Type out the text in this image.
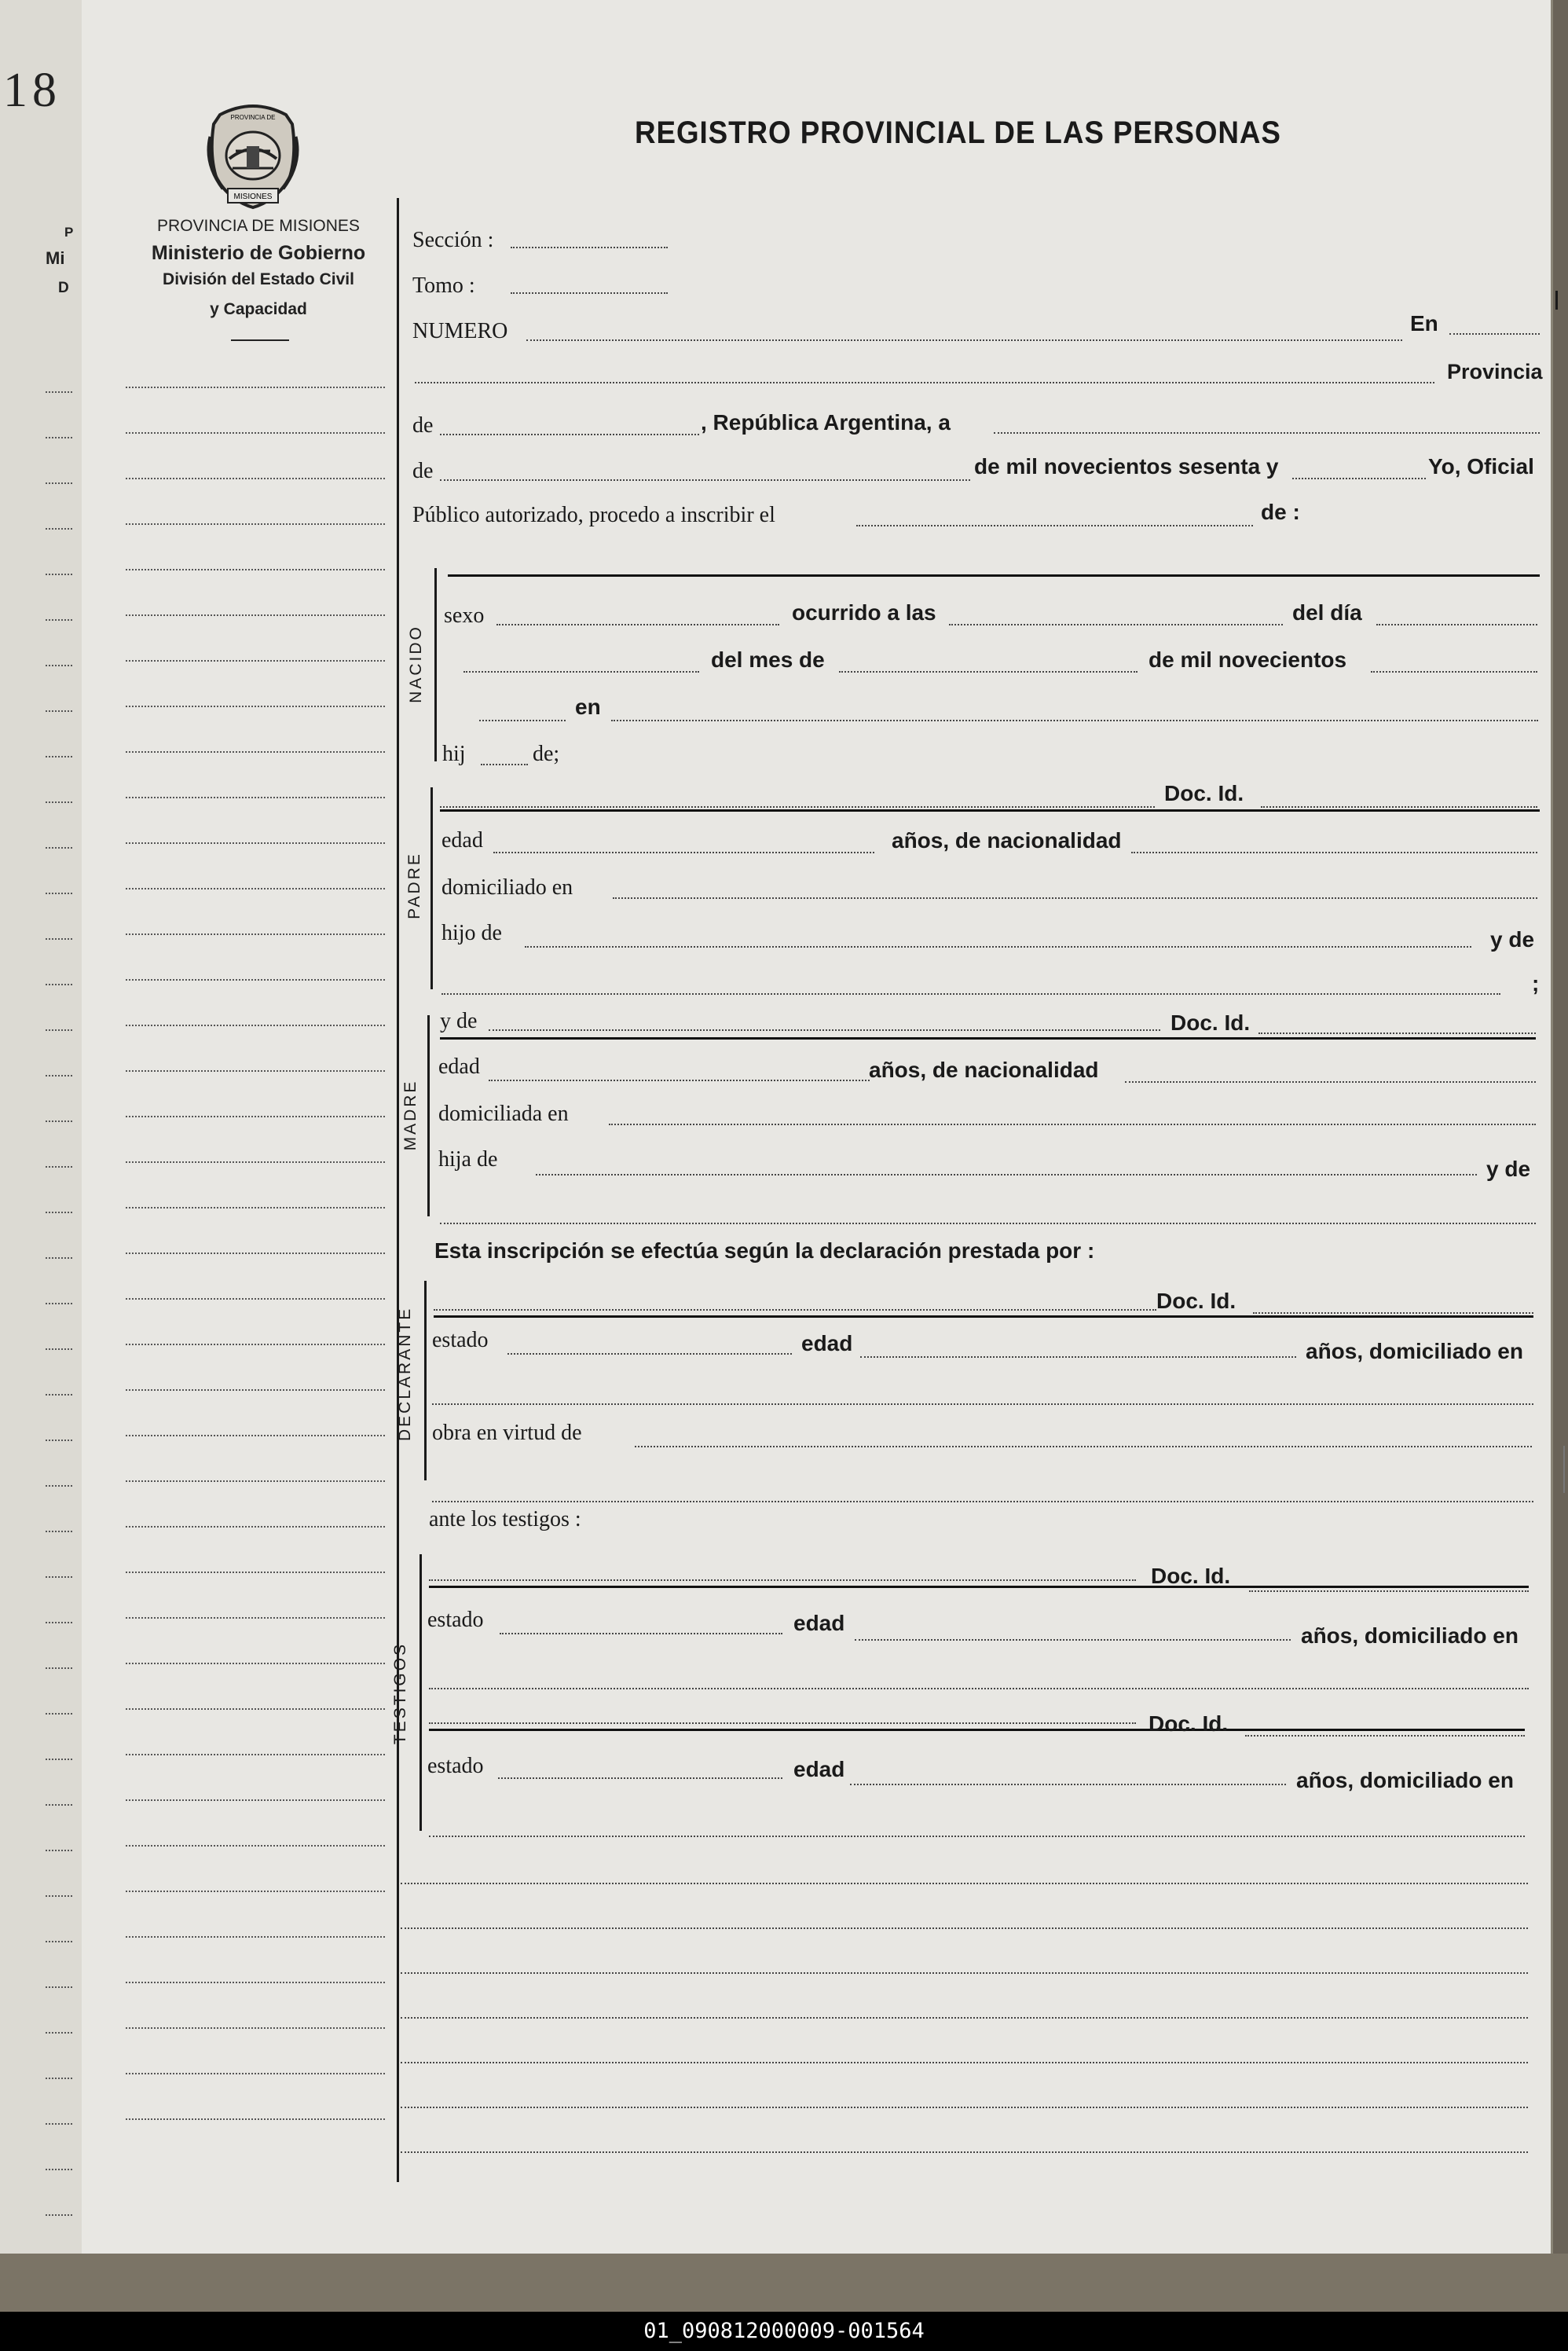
P
Mi
D
18
MISIONES
PROVINCIA DE
PROVINCIA DE MISIONES
Ministerio de Gobierno
División del Estado Civil
y Capacidad
REGISTRO PROVINCIAL DE LAS PERSONAS
Sección :
Tomo :
NUMERO	En
Provincia
de	, República Argentina, a
de	de mil novecientos sesenta y	Yo, Oficial
Público autorizado, procedo a inscribir el	de :
NACIDO
sexo	ocurrido a las	del día
del mes de	de mil novecientos
en
hij	de;
PADRE
Doc. Id.
edad	años, de nacionalidad
domiciliado en
hijo de	y de
;
MADRE
y de	Doc. Id.
edad	años, de nacionalidad
domiciliada en
hija de	y de
Esta inscripción se efectúa según la declaración prestada por :
DECLARANTE
Doc. Id.
estado	edad	años, domiciliado en
obra en virtud de
ante los testigos :
TESTIGOS
Doc. Id.
estado	edad
años, domiciliado en
Doc. Id.
estado	edad	años, domiciliado en
01_090812000009-001564
